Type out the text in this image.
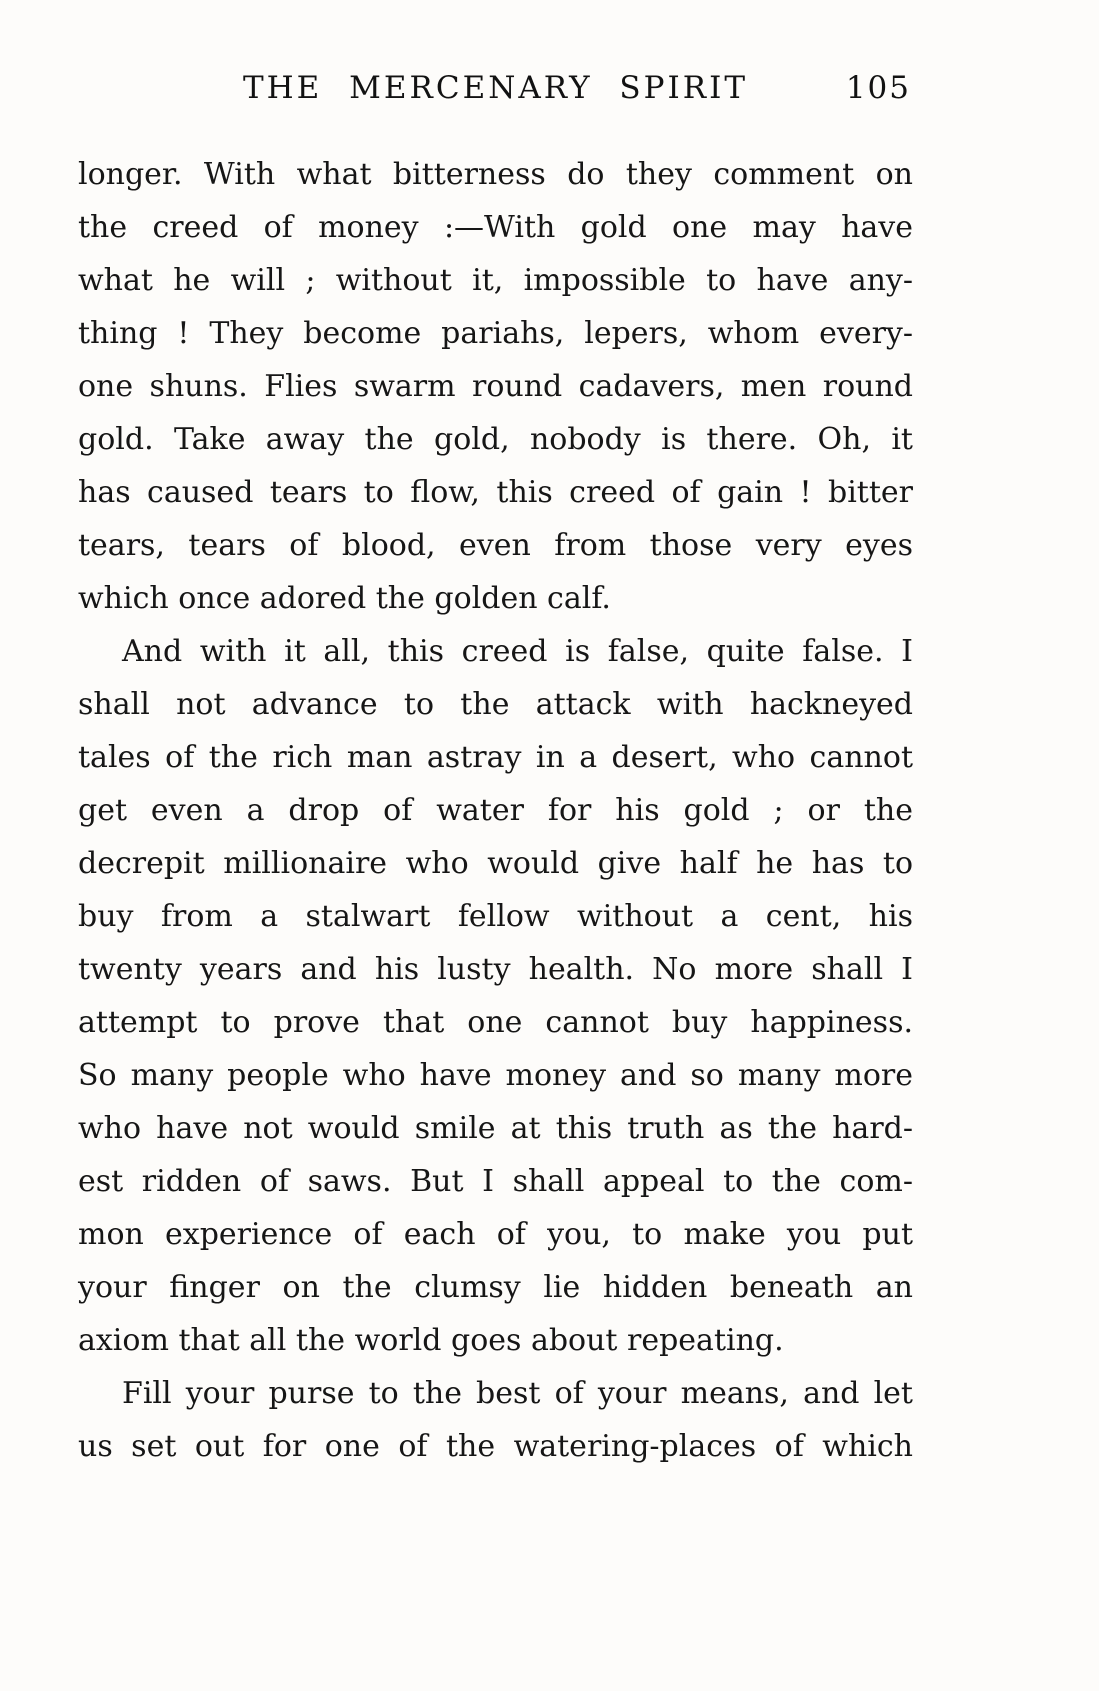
THE MERCENARY SPIRIT	105
longer. With what bitterness do they comment on
the creed of money :—With gold one may have
what he will ; without it, impossible to have any-
thing ! They become pariahs, lepers, whom every-
one shuns. Flies swarm round cadavers, men round
gold. Take away the gold, nobody is there. Oh, it
has caused tears to flow, this creed of gain ! bitter
tears, tears of blood, even from those very eyes
which once adored the golden calf.
And with it all, this creed is false, quite false. I
shall not advance to the attack with hackneyed
tales of the rich man astray in a desert, who cannot
get even a drop of water for his gold ; or the
decrepit millionaire who would give half he has to
buy from a stalwart fellow without a cent, his
twenty years and his lusty health. No more shall I
attempt to prove that one cannot buy happiness.
So many people who have money and so many more
who have not would smile at this truth as the hard-
est ridden of saws. But I shall appeal to the com-
mon experience of each of you, to make you put
your finger on the clumsy lie hidden beneath an
axiom that all the world goes about repeating.
Fill your purse to the best of your means, and let
us set out for one of the watering-places of which
